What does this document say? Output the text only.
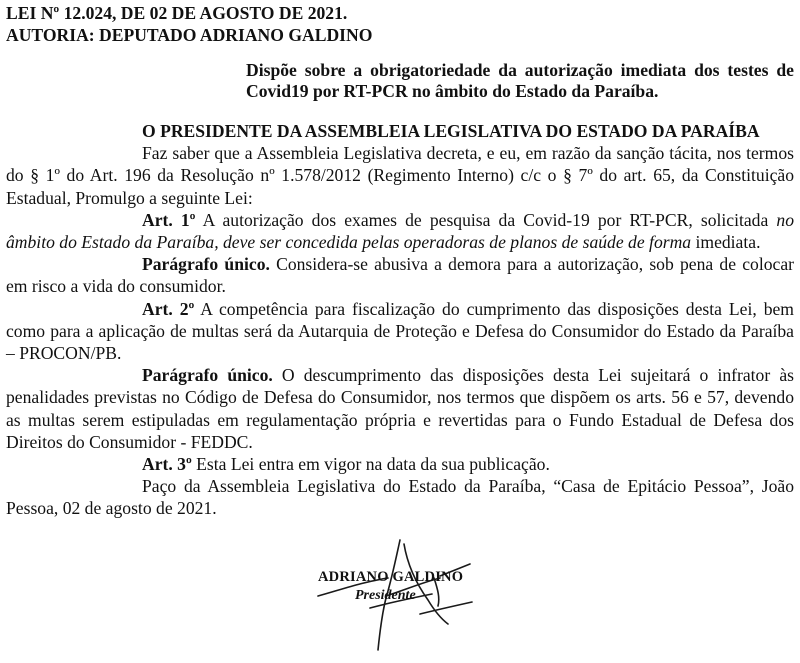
LEI Nº 12.024, DE 02 DE AGOSTO DE 2021.

AUTORIA: DEPUTADO ADRIANO GALDINO

Dispõe sobre a obrigatoriedade da autorização imediata dos testes de Covid19 por RT-PCR no âmbito do Estado da Paraíba.

O PRESIDENTE DA ASSEMBLEIA LEGISLATIVA DO ESTADO DA PARAÍBA

Faz saber que a Assembleia Legislativa decreta, e eu, em razão da sanção tácita, nos termos do § 1º do Art. 196 da Resolução nº 1.578/2012 (Regimento Interno) c/c o § 7º do art. 65, da Constituição Estadual, Promulgo a seguinte Lei:

Art. 1º A autorização dos exames de pesquisa da Covid-19 por RT-PCR, solicitada no âmbito do Estado da Paraíba, deve ser concedida pelas operadoras de planos de saúde de forma imediata.

Parágrafo único. Considera-se abusiva a demora para a autorização, sob pena de colocar em risco a vida do consumidor.

Art. 2º A competência para fiscalização do cumprimento das disposições desta Lei, bem como para a aplicação de multas será da Autarquia de Proteção e Defesa do Consumidor do Estado da Paraíba – PROCON/PB.

Parágrafo único. O descumprimento das disposições desta Lei sujeitará o infrator às penalidades previstas no Código de Defesa do Consumidor, nos termos que dispõem os arts. 56 e 57, devendo as multas serem estipuladas em regulamentação própria e revertidas para o Fundo Estadual de Defesa dos Direitos do Consumidor - FEDDC.

Art. 3º Esta Lei entra em vigor na data da sua publicação.

Paço da Assembleia Legislativa do Estado da Paraíba, “Casa de Epitácio Pessoa”, João Pessoa, 02 de agosto de 2021.

ADRIANO GALDINO
Presidente
